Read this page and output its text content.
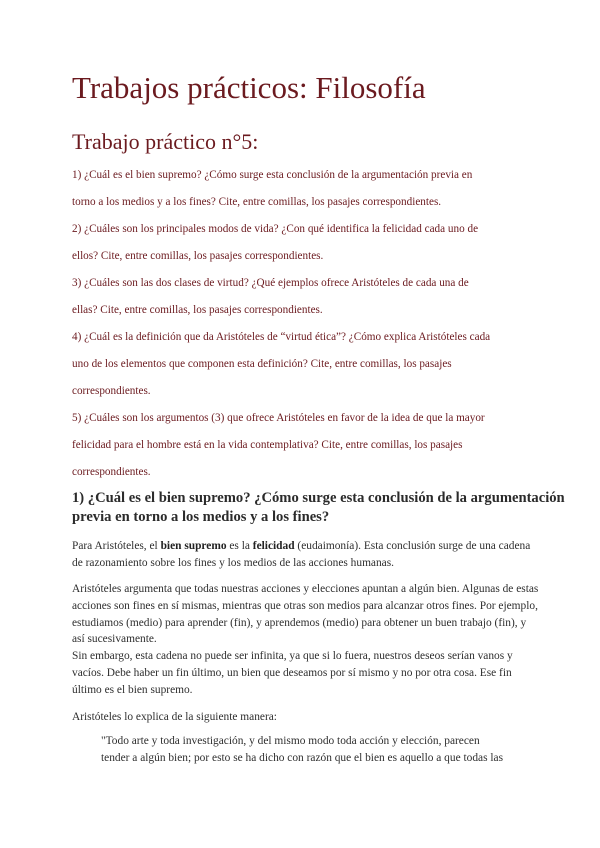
Trabajos prácticos: Filosofía
Trabajo práctico n°5:
1) ¿Cuál es el bien supremo? ¿Cómo surge esta conclusión de la argumentación previa en
torno a los medios y a los fines? Cite, entre comillas, los pasajes correspondientes.
2) ¿Cuáles son los principales modos de vida? ¿Con qué identifica la felicidad cada uno de
ellos? Cite, entre comillas, los pasajes correspondientes.
3) ¿Cuáles son las dos clases de virtud? ¿Qué ejemplos ofrece Aristóteles de cada una de
ellas? Cite, entre comillas, los pasajes correspondientes.
4) ¿Cuál es la definición que da Aristóteles de “virtud ética”? ¿Cómo explica Aristóteles cada
uno de los elementos que componen esta definición? Cite, entre comillas, los pasajes
correspondientes.
5) ¿Cuáles son los argumentos (3) que ofrece Aristóteles en favor de la idea de que la mayor
felicidad para el hombre está en la vida contemplativa? Cite, entre comillas, los pasajes
correspondientes.
1) ¿Cuál es el bien supremo? ¿Cómo surge esta conclusión de la argumentación
previa en torno a los medios y a los fines?

Para Aristóteles, el bien supremo es la felicidad (eudaimonía). Esta conclusión surge de una cadena
de razonamiento sobre los fines y los medios de las acciones humanas.

Aristóteles argumenta que todas nuestras acciones y elecciones apuntan a algún bien. Algunas de estas
acciones son fines en sí mismas, mientras que otras son medios para alcanzar otros fines. Por ejemplo,
estudiamos (medio) para aprender (fin), y aprendemos (medio) para obtener un buen trabajo (fin), y
así sucesivamente.

Sin embargo, esta cadena no puede ser infinita, ya que si lo fuera, nuestros deseos serían vanos y
vacíos. Debe haber un fin último, un bien que deseamos por sí mismo y no por otra cosa. Ese fin
último es el bien supremo.

Aristóteles lo explica de la siguiente manera:

"Todo arte y toda investigación, y del mismo modo toda acción y elección, parecen
tender a algún bien; por esto se ha dicho con razón que el bien es aquello a que todas las
